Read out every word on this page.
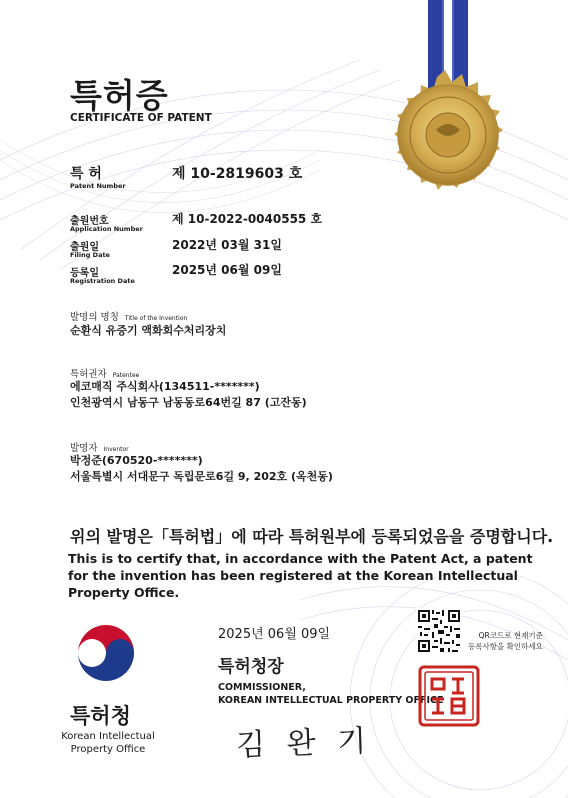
특허증
CERTIFICATE OF PATENT
특 허
Patent Number
제 10-2819603 호
출원번호
Application Number
제 10-2022-0040555 호
출원일
Filing Date
2022년 03월 31일
등록일
Registration Date
2025년 06월 09일
발명의 명칭 Title of the Invention
순환식 유증기 액화회수처리장치
특허권자 Patentee
에코매직 주식회사(134511-*******)
인천광역시 남동구 남동동로64번길 87 (고잔동)
발명자 Inventor
박정준(670520-*******)
서울특별시 서대문구 독립문로6길 9, 202호 (옥천동)
위의 발명은「특허법」에 따라 특허원부에 등록되었음을 증명합니다.
This is to certify that, in accordance with the Patent Act, a patent for the invention has been registered at the Korean Intellectual Property Office.
2025년 06월 09일
특허청장
COMMISSIONER,
KOREAN INTELLECTUAL PROPERTY OFFICE
김 완 기
QR코드로 현재기준
등록사항을 확인하세요
특허청
Korean Intellectual
Property Office
